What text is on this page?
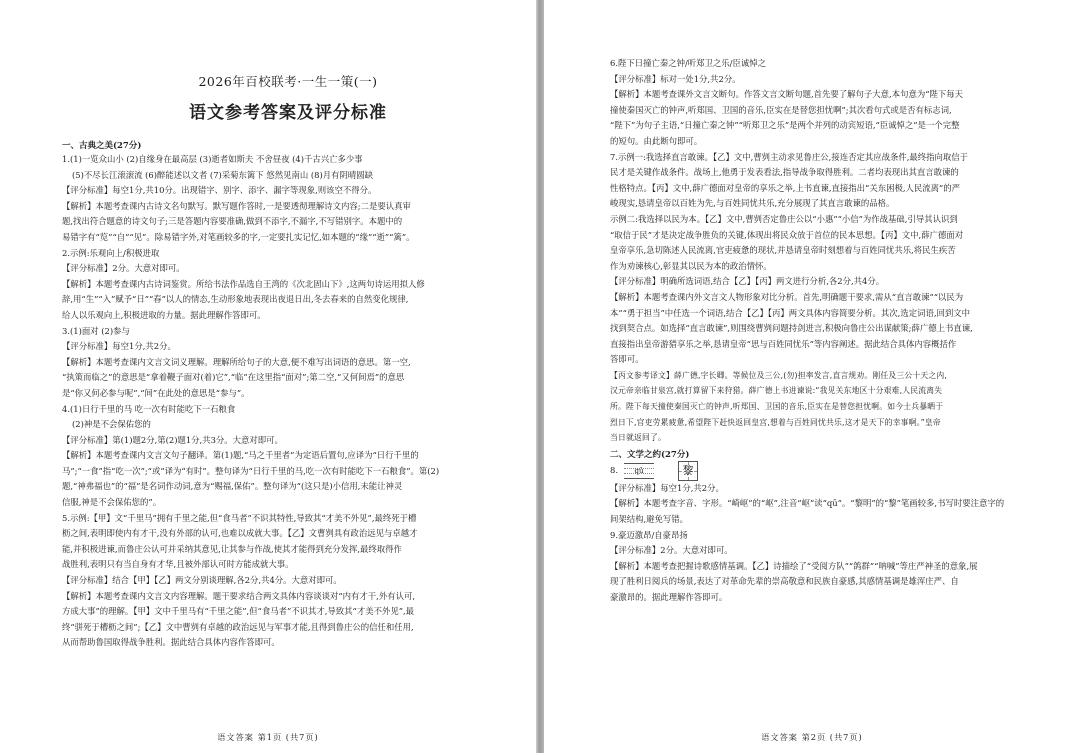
2026年百校联考·一生一策(一)
语文参考答案及评分标准
一、古典之美(27分)
1.(1)一览众山小 (2)自缘身在最高层 (3)逝者如斯夫 不舍昼夜 (4)千古兴亡多少事
(5)不尽长江滚滚流 (6)醉能述以文者 (7)采菊东篱下 悠然见南山 (8)月有阴晴圆缺
【评分标准】每空1分,共10分。出现错字、别字、添字、漏字等现象,则该空不得分。
【解析】本题考查课内古诗文名句默写。默写题作答时,一是要透彻理解诗文内容;二是要认真审
题,找出符合题意的诗文句子;三是答题内容要准确,做到不添字,不漏字,不写错别字。本题中的
易错字有“览”“自”“见”。除易错字外,对笔画较多的字,一定要扎实记忆,如本题的“缘”“逝”“篱”。
2.示例:乐观向上/积极进取
【评分标准】2分。大意对即可。
【解析】本题考查课内古诗词鉴赏。所给书法作品选自王湾的《次北固山下》,这两句诗运用拟人修
辞,用“生”“入”赋予“日”“春”以人的情态,生动形象地表现出夜退日出,冬去春来的自然变化规律,
给人以乐观向上,积极进取的力量。据此理解作答即可。
3.(1)面对 (2)参与
【评分标准】每空1分,共2分。
【解析】本题考查课内文言文词义理解。理解所给句子的大意,便不难写出词语的意思。第一空,
“执策而临之”的意思是“拿着鞭子面对(着)它”,“临”在这里指“面对”;第二空,“又何间焉”的意思
是“你又何必参与呢”,“间”在此处的意思是“参与”。
4.(1)日行千里的马 吃一次有时能吃下一石粮食
(2)神是不会保佑您的
【评分标准】第(1)题2分,第(2)题1分,共3分。大意对即可。
【解析】本题考查课内文言文句子翻译。第(1)题,“马之千里者”为定语后置句,应译为“日行千里的
马”;“一食”指“吃一次”;“或”译为“有时”。整句译为“日行千里的马,吃一次有时能吃下一石粮食”。第(2)
题,“神弗福也”的“福”是名词作动词,意为“赐福,保佑”。整句译为“(这只是)小信用,未能让神灵
信服,神是不会保佑您的”。
5.示例:【甲】文“千里马”拥有千里之能,但“食马者”不识其特性,导致其“才美不外见”,最终死于槽
枥之间,表明即使内有才干,没有外部的认可,也难以成就大事。【乙】文曹刿具有政治远见与卓越才
能,并积极进谏,而鲁庄公认可并采纳其意见,让其参与作战,使其才能得到充分发挥,最终取得作
战胜利,表明只有当自身有才华,且被外部认可时方能成就大事。
【评分标准】结合【甲】【乙】两文分别谈理解,各2分,共4分。大意对即可。
【解析】本题考查课内文言文内容理解。题干要求结合两文具体内容谈谈对“内有才干,外有认可,
方成大事”的理解。【甲】文中千里马有“千里之能”,但“食马者”不识其才,导致其“才美不外见”,最
终“骈死于槽枥之间”;【乙】文中曹刿有卓越的政治远见与军事才能,且得到鲁庄公的信任和任用,
从而帮助鲁国取得战争胜利。据此结合具体内容作答即可。
语文答案 第1页 (共7页)
6.陛下日撞亡秦之钟/听郑卫之乐/臣诚悼之
【评分标准】标对一处1分,共2分。
【解析】本题考查课外文言文断句。作答文言文断句题,首先要了解句子大意,本句意为“陛下每天
撞使秦国灭亡的钟声,听郑国、卫国的音乐,臣实在是替您担忧啊”;其次看句式或是否有标志词,
“陛下”为句子主语,“日撞亡秦之钟”“听郑卫之乐”是两个并列的动宾短语,“臣诚悼之”是一个完整
的短句。由此断句即可。
7.示例一:我选择直言敢谏。【乙】文中,曹刿主动求见鲁庄公,接连否定其应战条件,最终指向取信于
民才是关键作战条件。战场上,他勇于发表看法,指导战争取得胜利。二者均表现出其直言敢谏的
性格特点。【丙】文中,薛广德面对皇帝的享乐之举,上书直谏,直接指出“关东困极,人民流离”的严
峻现实,恳请皇帝以百姓为先,与百姓同忧共乐,充分展现了其直言敢谏的品格。
示例二:我选择以民为本。【乙】文中,曹刿否定鲁庄公以“小惠”“小信”为作战基础,引导其认识到
“取信于民”才是决定战争胜负的关键,体现出将民众放于首位的民本思想。【丙】文中,薛广德面对
皇帝享乐,急切陈述人民流离,官吏疲惫的现状,并恳请皇帝时刻想着与百姓同忧共乐,将民生疾苦
作为劝谏核心,彰显其以民为本的政治情怀。
【评分标准】明确所选词语,结合【乙】【丙】两文进行分析,各2分,共4分。
【解析】本题考查课内外文言文人物形象对比分析。首先,明确题干要求,需从“直言敢谏”“以民为
本”“勇于担当”中任选一个词语,结合【乙】【丙】两文具体内容简要分析。其次,选定词语,回到文中
找到契合点。如选择“直言敢谏”,则围绕曹刿问题持剑进言,积极向鲁庄公出谋献策;薛广德上书直谏,
直接指出皇帝游猎享乐之举,恳请皇帝“思与百姓同忧乐”等内容阐述。据此结合具体内容概括作
答即可。
【丙文参考译文】薛广德,字长卿。等候位及三公,(勿)担率发言,直言规劝。刚任及三公十天之内,
汉元帝亲临甘泉宫,就打算留下来狩猎。薛广德上书进谏说:“我见关东地区十分艰难,人民流离失
所。陛下每天撞使秦国灭亡的钟声,听郑国、卫国的音乐,臣实在是替您担忧啊。如今士兵暴晒于
烈日下,官吏劳累疲惫,希望陛下赶快返回皇宫,想着与百姓同忧共乐,这才是天下的幸事啊。”皇帝
当日就返回了。
二、文学之约(27分)
8.	qū	黎
【评分标准】每空1分,共2分。
【解析】本题考查字音、字形。“崎岖”的“岖”,注音“岖”读“qū”。“黎明”的“黎”笔画较多,书写时要注意字的
间架结构,避免写错。
9.豪迈激昂/自豪昂扬
【评分标准】2分。大意对即可。
【解析】本题考查把握诗歌感情基调。【乙】诗描绘了“受阅方队”“鸽群”“呐喊”等庄严神圣的意象,展
现了胜利日阅兵的场景,表达了对革命先辈的崇高敬意和民族自豪感,其感情基调是雄浑庄严、自
豪激昂的。据此理解作答即可。
语文答案 第2页 (共7页)
